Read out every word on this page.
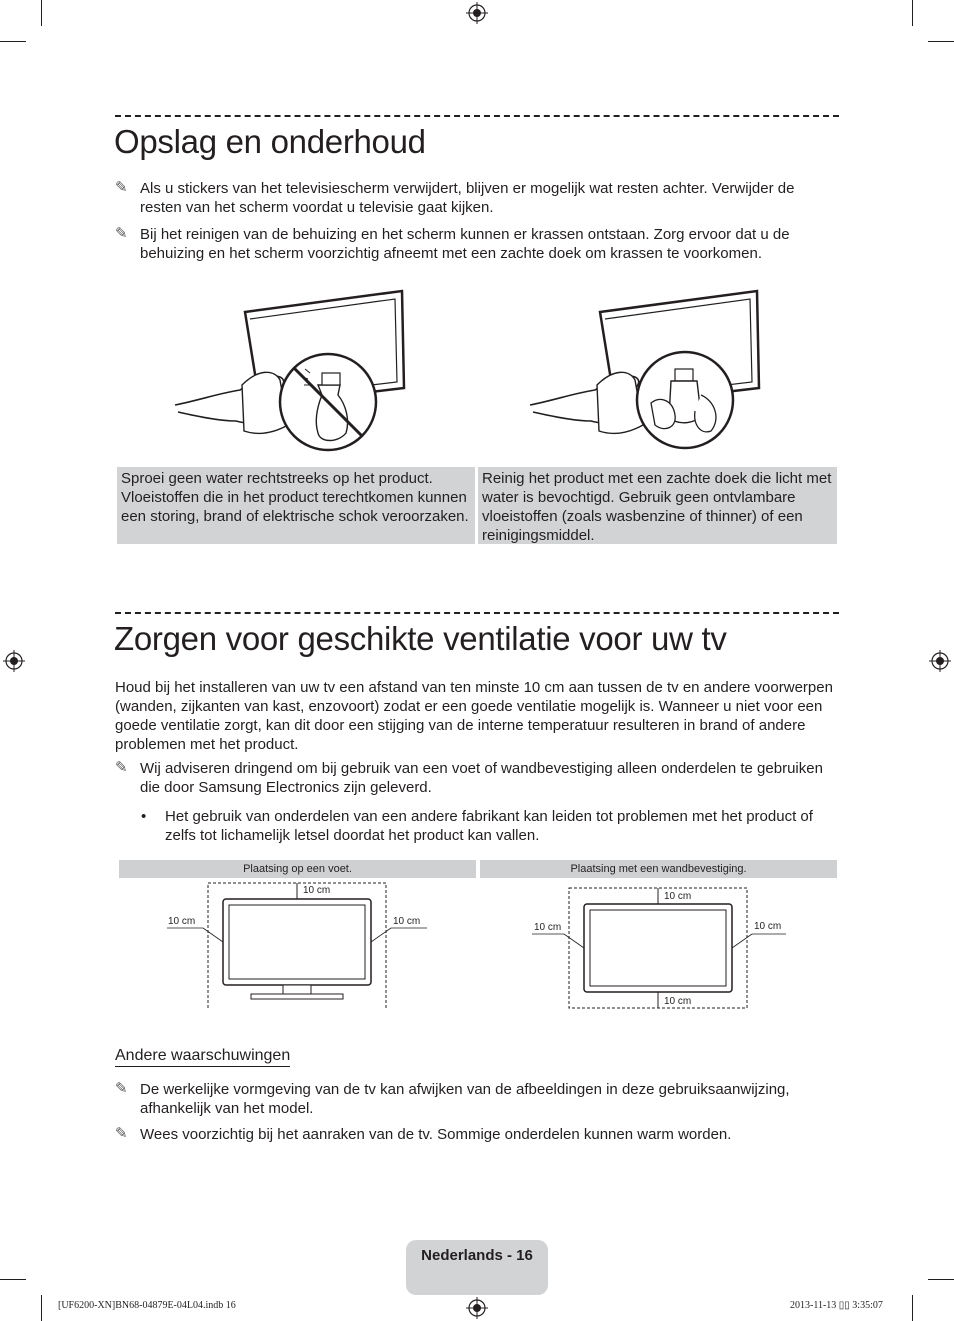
Opslag en onderhoud
✎ Als u stickers van het televisiescherm verwijdert, blijven er mogelijk wat resten achter. Verwijder de resten van het scherm voordat u televisie gaat kijken.
✎ Bij het reinigen van de behuizing en het scherm kunnen er krassen ontstaan. Zorg ervoor dat u de behuizing en het scherm voorzichtig afneemt met een zachte doek om krassen te voorkomen.
Sproei geen water rechtstreeks op het product. Vloeistoffen die in het product terechtkomen kunnen een storing, brand of elektrische schok veroorzaken.
Reinig het product met een zachte doek die licht met water is bevochtigd. Gebruik geen ontvlambare vloeistoffen (zoals wasbenzine of thinner) of een reinigingsmiddel.
Zorgen voor geschikte ventilatie voor uw tv
Houd bij het installeren van uw tv een afstand van ten minste 10 cm aan tussen de tv en andere voorwerpen (wanden, zijkanten van kast, enzovoort) zodat er een goede ventilatie mogelijk is. Wanneer u niet voor een goede ventilatie zorgt, kan dit door een stijging van de interne temperatuur resulteren in brand of andere problemen met het product.
✎ Wij adviseren dringend om bij gebruik van een voet of wandbevestiging alleen onderdelen te gebruiken die door Samsung Electronics zijn geleverd.
• Het gebruik van onderdelen van een andere fabrikant kan leiden tot problemen met het product of zelfs tot lichamelijk letsel doordat het product kan vallen.
Plaatsing op een voet.	Plaatsing met een wandbevestiging.
10 cm
10 cm	10 cm
10 cm
10 cm	10 cm
10 cm
Andere waarschuwingen
✎ De werkelijke vormgeving van de tv kan afwijken van de afbeeldingen in deze gebruiksaanwijzing, afhankelijk van het model.
✎ Wees voorzichtig bij het aanraken van de tv. Sommige onderdelen kunnen warm worden.
Nederlands - 16
[UF6200-XN]BN68-04879E-04L04.indb 16	2013-11-13 ▯▯ 3:35:07
